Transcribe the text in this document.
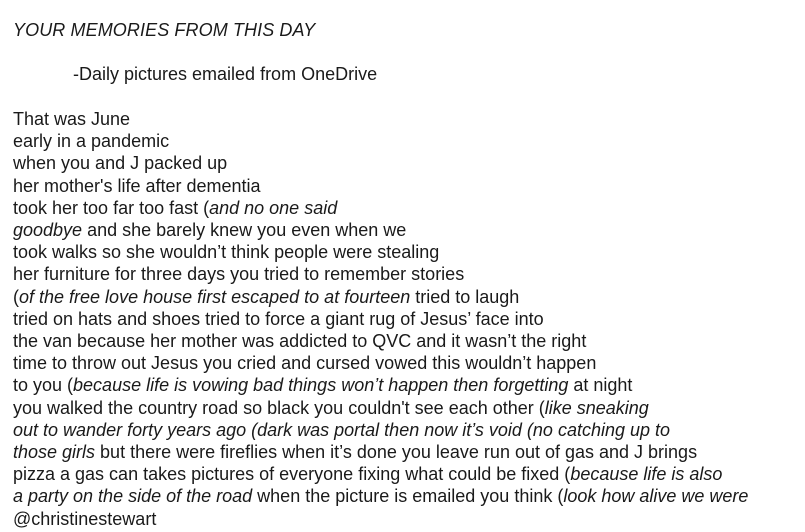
YOUR MEMORIES FROM THIS DAY
-Daily pictures emailed from OneDrive
That was June
early in a pandemic
when you and J packed up
her mother's life after dementia
took her too far too fast (and no one said
goodbye and she barely knew you even when we
took walks so she wouldn’t think people were stealing
her furniture for three days you tried to remember stories
(of the free love house first escaped to at fourteen tried to laugh
tried on hats and shoes tried to force a giant rug of Jesus’ face into
the van because her mother was addicted to QVC and it wasn’t the right
time to throw out Jesus you cried and cursed vowed this wouldn’t happen
to you (because life is vowing bad things won’t happen then forgetting at night
you walked the country road so black you couldn't see each other (like sneaking
out to wander forty years ago (dark was portal then now it’s void (no catching up to
those girls but there were fireflies when it’s done you leave run out of gas and J brings
pizza a gas can takes pictures of everyone fixing what could be fixed (because life is also
a party on the side of the road when the picture is emailed you think (look how alive we were
@christinestewart
